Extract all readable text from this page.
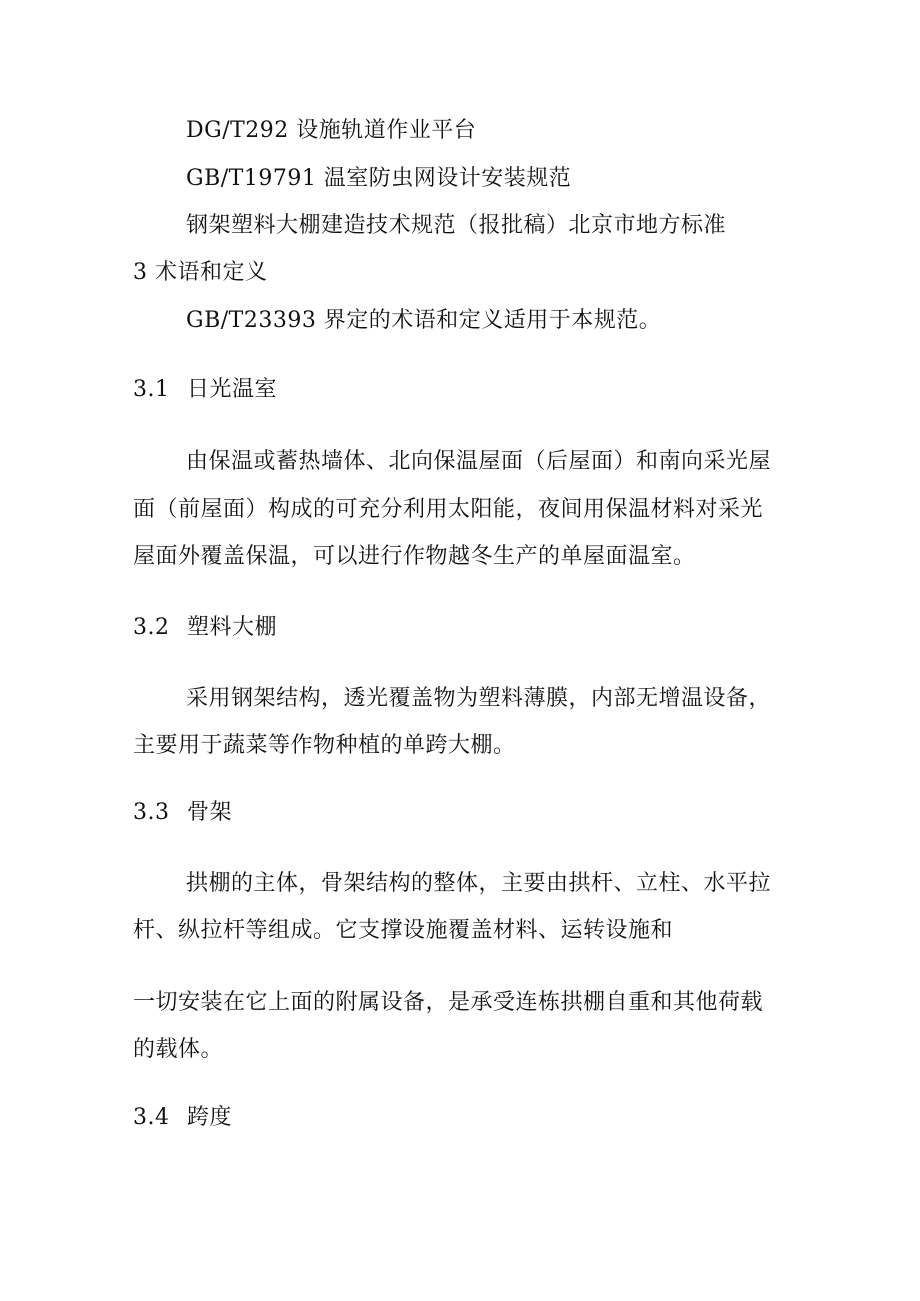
DG/T292 设施轨道作业平台
GB/T19791 温室防虫网设计安装规范
钢架塑料大棚建造技术规范（报批稿）北京市地方标准
3 术语和定义
GB/T23393 界定的术语和定义适用于本规范。
3.1 日光温室
由保温或蓄热墙体、北向保温屋面（后屋面）和南向采光屋
面（前屋面）构成的可充分利用太阳能，夜间用保温材料对采光
屋面外覆盖保温，可以进行作物越冬生产的单屋面温室。
3.2 塑料大棚
采用钢架结构，透光覆盖物为塑料薄膜，内部无增温设备，
主要用于蔬菜等作物种植的单跨大棚。
3.3 骨架
拱棚的主体，骨架结构的整体，主要由拱杆、立柱、水平拉
杆、纵拉杆等组成。它支撑设施覆盖材料、运转设施和
一切安装在它上面的附属设备，是承受连栋拱棚自重和其他荷载
的载体。
3.4 跨度
